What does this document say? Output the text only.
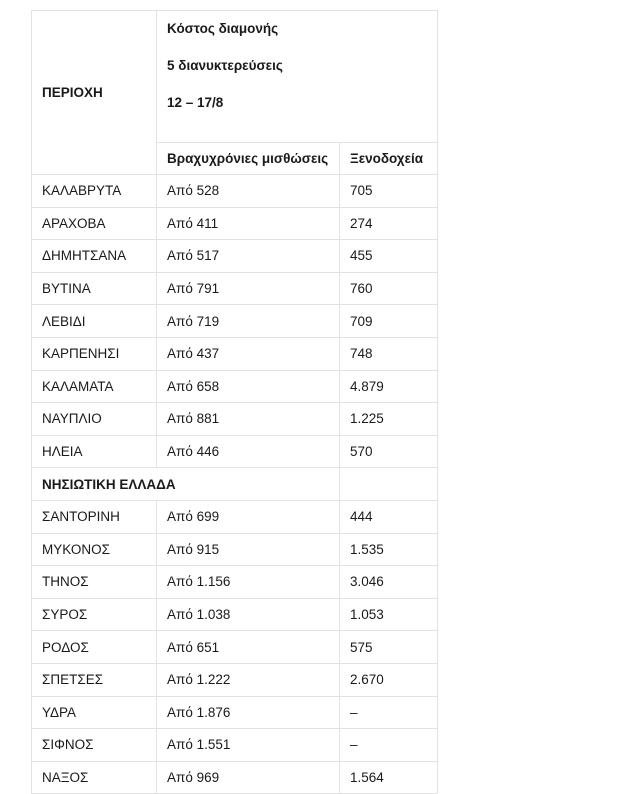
ΠΕΡΙΟΧΗ	Κόστος διαμονής
5 διανυκτερεύσεις
12 – 17/8	

	Βραχυχρόνιες μισθώσεις	Ξενοδοχεία
ΚΑΛΑΒΡΥΤΑ	Από 528	705
ΑΡΑΧΟΒΑ	Από 411	274
ΔΗΜΗΤΣΑΝΑ	Από 517	455
ΒΥΤΙΝΑ	Από 791	760
ΛΕΒΙΔΙ	Από 719	709
ΚΑΡΠΕΝΗΣΙ	Από 437	748
ΚΑΛΑΜΑΤΑ	Από 658	4.879
ΝΑΥΠΛΙΟ	Από 881	1.225
ΗΛΕΙΑ	Από 446	570
ΝΗΣΙΩΤΙΚΗ ΕΛΛΑΔΑ		
ΣΑΝΤΟΡΙΝΗ	Από 699	444
ΜΥΚΟΝΟΣ	Από 915	1.535
ΤΗΝΟΣ	Από 1.156	3.046
ΣΥΡΟΣ	Από 1.038	1.053
ΡΟΔΟΣ	Από 651	575
ΣΠΕΤΣΕΣ	Από 1.222	2.670
ΥΔΡΑ	Από 1.876	–
ΣΙΦΝΟΣ	Από 1.551	–
ΝΑΞΟΣ	Από 969	1.564
